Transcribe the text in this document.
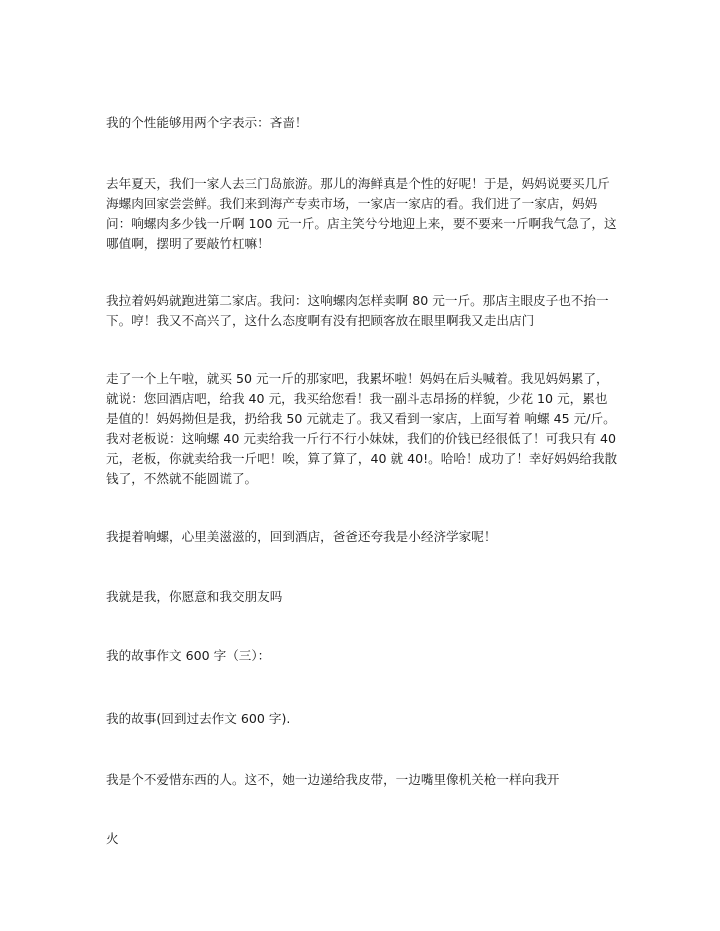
我的个性能够用两个字表示：吝啬！

去年夏天，我们一家人去三门岛旅游。那儿的海鲜真是个性的好呢！于是，妈妈说要买几斤海螺肉回家尝尝鲜。我们来到海产专卖市场，一家店一家店的看。我们进了一家店，妈妈问：响螺肉多少钱一斤啊 100 元一斤。店主笑兮兮地迎上来，要不要来一斤啊我气急了，这哪值啊，摆明了要敲竹杠嘛！

我拉着妈妈就跑进第二家店。我问：这响螺肉怎样卖啊 80 元一斤。那店主眼皮子也不抬一下。哼！我又不高兴了，这什么态度啊有没有把顾客放在眼里啊我又走出店门

走了一个上午啦，就买 50 元一斤的那家吧，我累坏啦！妈妈在后头喊着。我见妈妈累了，就说：您回酒店吧，给我 40 元，我买给您看！我一副斗志昂扬的样貌，少花 10 元，累也是值的！妈妈拗但是我，扔给我 50 元就走了。我又看到一家店，上面写着 响螺 45 元/斤。我对老板说：这响螺 40 元卖给我一斤行不行小妹妹，我们的价钱已经很低了！可我只有 40 元，老板，你就卖给我一斤吧！唉，算了算了，40 就 40!。哈哈！成功了！幸好妈妈给我散钱了，不然就不能圆谎了。

我提着响螺，心里美滋滋的，回到酒店，爸爸还夸我是小经济学家呢！

我就是我，你愿意和我交朋友吗

我的故事作文 600 字（三）：

我的故事(回到过去作文 600 字).

我是个不爱惜东西的人。这不，她一边递给我皮带，一边嘴里像机关枪一样向我开

火
